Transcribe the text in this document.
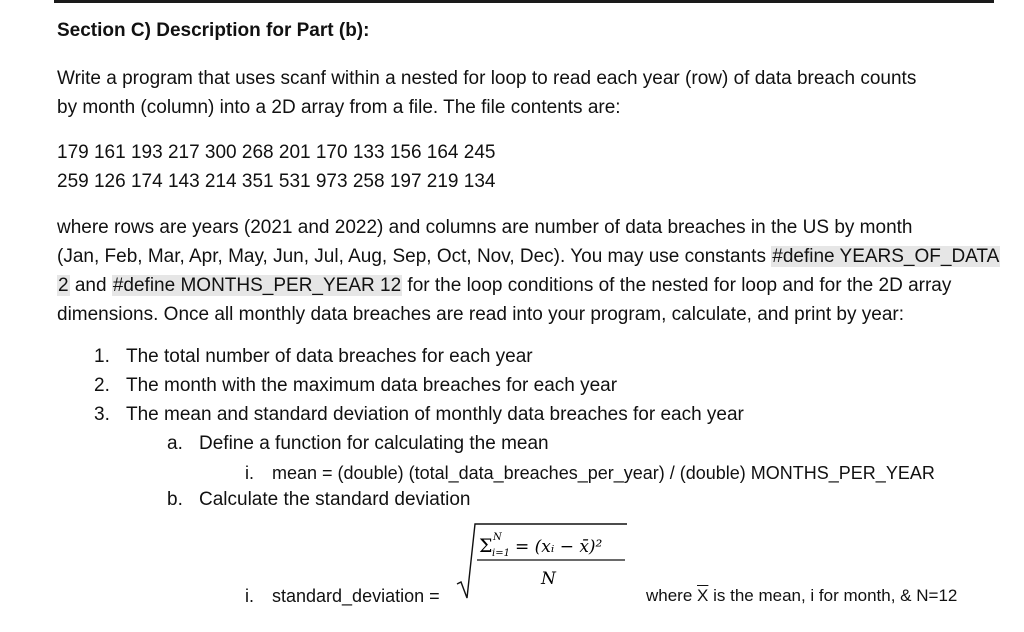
Section C) Description for Part (b):
Write a program that uses scanf within a nested for loop to read each year (row) of data breach counts
by month (column) into a 2D array from a file. The file contents are:
179 161 193 217 300 268 201 170 133 156 164 245
259 126 174 143 214 351 531 973 258 197 219 134
where rows are years (2021 and 2022) and columns are number of data breaches in the US by month
(Jan, Feb, Mar, Apr, May, Jun, Jul, Aug, Sep, Oct, Nov, Dec). You may use constants #define YEARS_OF_DATA
2 and #define MONTHS_PER_YEAR 12 for the loop conditions of the nested for loop and for the 2D array
dimensions. Once all monthly data breaches are read into your program, calculate, and print by year:
1. The total number of data breaches for each year
2. The month with the maximum data breaches for each year
3. The mean and standard deviation of monthly data breaches for each year
a. Define a function for calculating the mean
i. mean = (double) (total_data_breaches_per_year) / (double) MONTHS_PER_YEAR
b. Calculate the standard deviation
i. standard_deviation =
Σ N
i=1 = (xᵢ − x̄)²
N
where $\overline{X}$ is the mean, i for month, & N=12
